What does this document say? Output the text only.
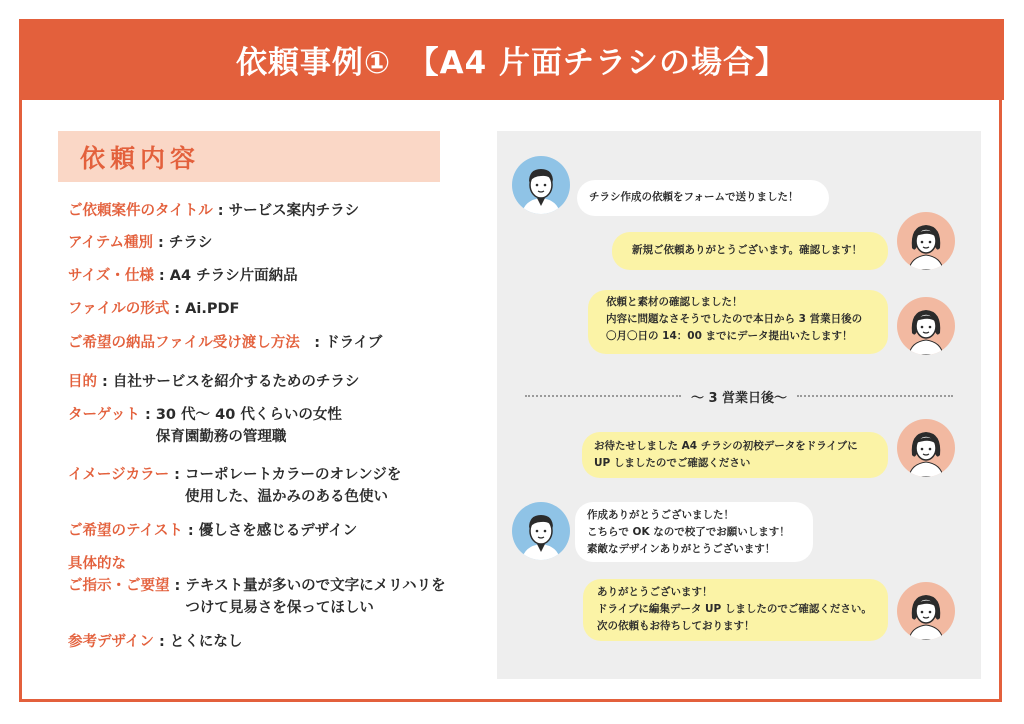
依頼事例①　【A4 片面チラシの場合】
依頼内容
ご依頼案件のタイトル : サービス案内チラシ
アイテム種別 : チラシ
サイズ・仕様 : A4 チラシ片面納品
ファイルの形式 : Ai.PDF
ご希望の納品ファイル受け渡し方法　: ドライブ
目的 : 自社サービスを紹介するためのチラシ
ターゲット : 30 代〜 40 代くらいの女性
保育園勤務の管理職
イメージカラー : コーポレートカラーのオレンジを
使用した、温かみのある色使い
ご希望のテイスト : 優しさを感じるデザイン
具体的な
ご指示・ご要望 : テキスト量が多いので文字にメリハリを
つけて見易さを保ってほしい
参考デザイン : とくになし
チラシ作成の依頼をフォームで送りました！
新規ご依頼ありがとうございます。確認します！
依頼と素材の確認しました！
内容に問題なさそうでしたので本日から 3 営業日後の
〇月〇日の 14：00 までにデータ提出いたします！
〜 3 営業日後〜
お待たせしました A4 チラシの初校データをドライブに
UP しましたのでご確認ください
作成ありがとうございました！
こちらで OK なので校了でお願いします！
素敵なデザインありがとうございます！
ありがとうございます！
ドライブに編集データ UP しましたのでご確認ください。
次の依頼もお待ちしております！
